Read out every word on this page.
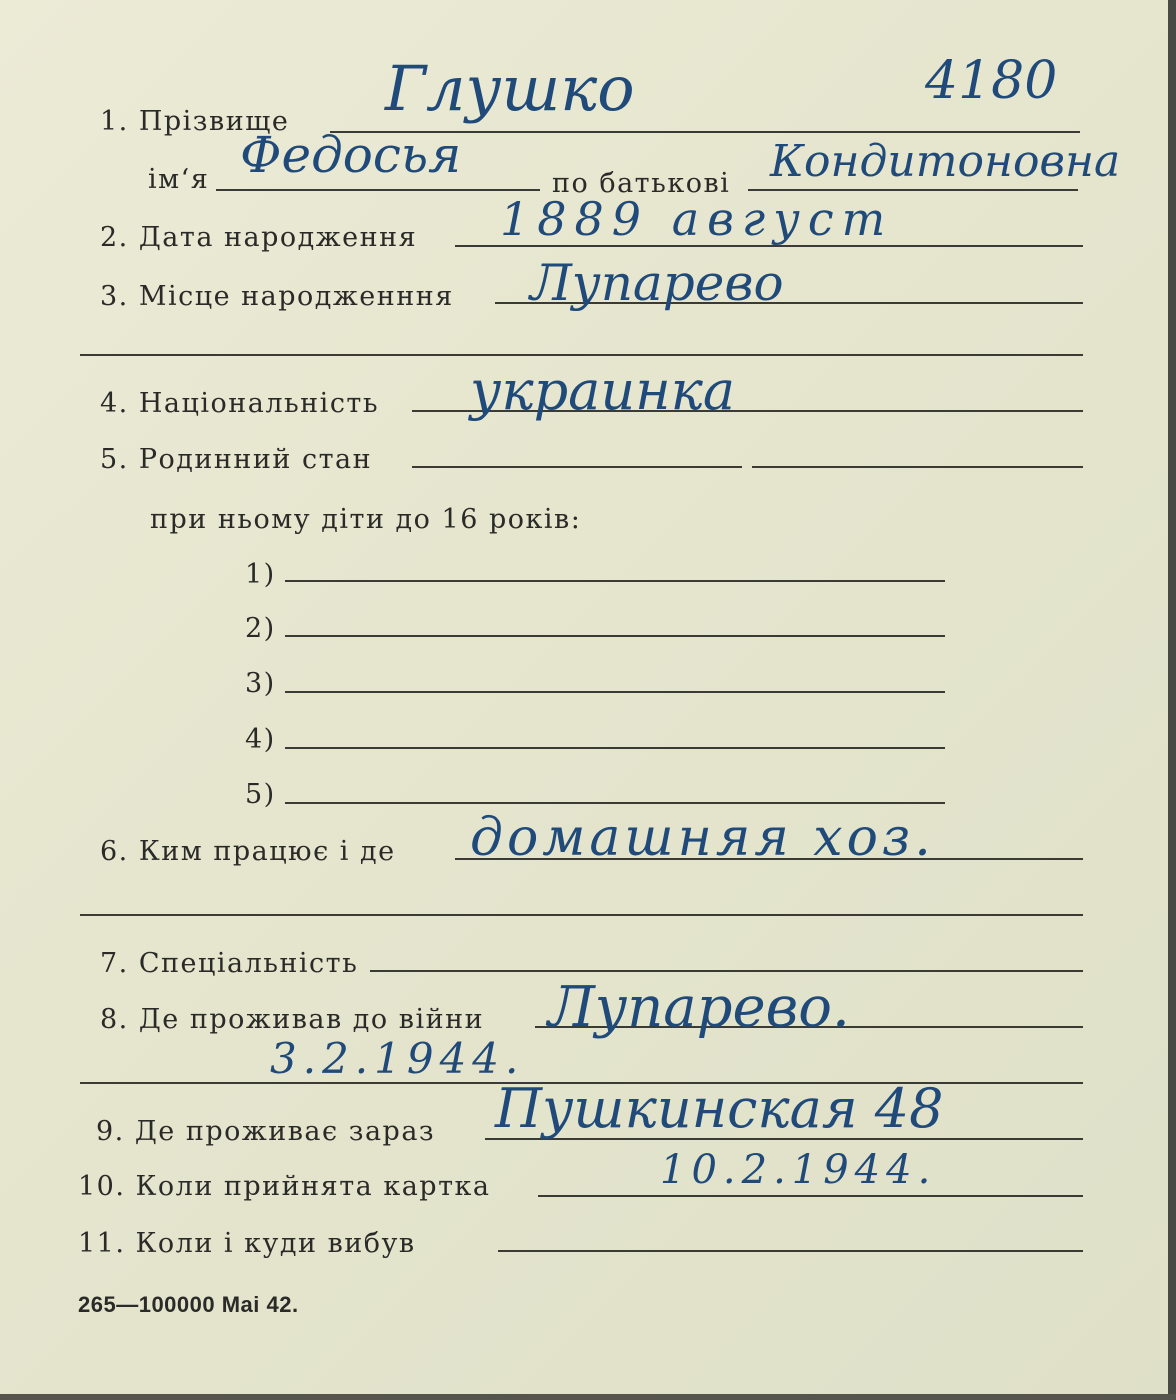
1. Прізвище Глушко	4180
ім‘я Федосья	по батькові Кондитоновна
2. Дата народження 1889 август
3. Місце народженння Лупарево
4. Національність украинка
5. Родинний стан
при ньому діти до 16 років:
1)
2)
3)
4)
5)
6. Ким працює і де домашняя хоз.
7. Спеціальність
8. Де проживав до війни Лупарево.
3.2.1944.
9. Де проживає зараз Пушкинская 48
10. Коли прийнята картка	10.2.1944.
11. Коли і куди вибув
265—100000 Mai 42.
